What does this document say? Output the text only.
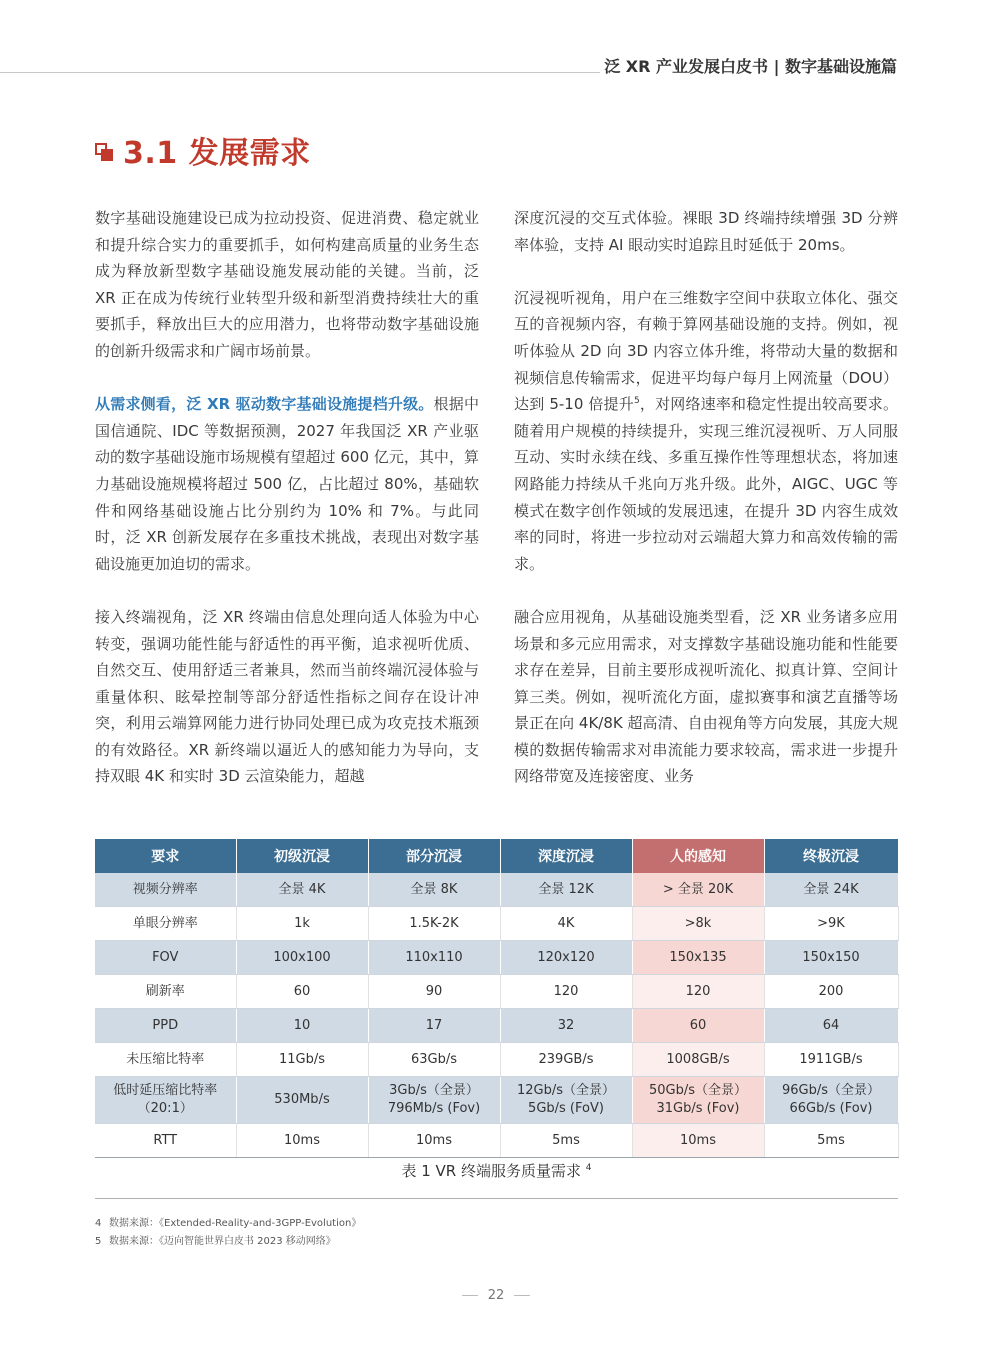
泛 XR 产业发展白皮书 | 数字基础设施篇
3.1 发展需求

数字基础设施建设已成为拉动投资、促进消费、稳定就业和提升综合实力的重要抓手，如何构建高质量的业务生态成为释放新型数字基础设施发展动能的关键。当前，泛 XR 正在成为传统行业转型升级和新型消费持续壮大的重要抓手，释放出巨大的应用潜力，也将带动数字基础设施的创新升级需求和广阔市场前景。

从需求侧看，泛 XR 驱动数字基础设施提档升级。根据中国信通院、IDC 等数据预测，2027 年我国泛 XR 产业驱动的数字基础设施市场规模有望超过 600 亿元，其中，算力基础设施规模将超过 500 亿，占比超过 80%，基础软件和网络基础设施占比分别约为 10% 和 7%。与此同时，泛 XR 创新发展存在多重技术挑战，表现出对数字基础设施更加迫切的需求。

接入终端视角，泛 XR 终端由信息处理向适人体验为中心转变，强调功能性能与舒适性的再平衡，追求视听优质、自然交互、使用舒适三者兼具，然而当前终端沉浸体验与重量体积、眩晕控制等部分舒适性指标之间存在设计冲突，利用云端算网能力进行协同处理已成为攻克技术瓶颈的有效路径。XR 新终端以逼近人的感知能力为导向，支持双眼 4K 和实时 3D 云渲染能力，超越

深度沉浸的交互式体验。裸眼 3D 终端持续增强 3D 分辨率体验，支持 AI 眼动实时追踪且时延低于 20ms。

沉浸视听视角，用户在三维数字空间中获取立体化、强交互的音视频内容，有赖于算网基础设施的支持。例如，视听体验从 2D 向 3D 内容立体升维，将带动大量的数据和视频信息传输需求，促进平均每户每月上网流量（DOU）达到 5-10 倍提升$^5$，对网络速率和稳定性提出较高要求。随着用户规模的持续提升，实现三维沉浸视听、万人同服互动、实时永续在线、多重互操作性等理想状态，将加速网路能力持续从千兆向万兆升级。此外，AIGC、UGC 等模式在数字创作领域的发展迅速，在提升 3D 内容生成效率的同时，将进一步拉动对云端超大算力和高效传输的需求。

融合应用视角，从基础设施类型看，泛 XR 业务诸多应用场景和多元应用需求，对支撑数字基础设施功能和性能要求存在差异，目前主要形成视听流化、拟真计算、空间计算三类。例如，视听流化方面，虚拟赛事和演艺直播等场景正在向 4K/8K 超高清、自由视角等方向发展，其庞大规模的数据传输需求对串流能力要求较高，需求进一步提升网络带宽及连接密度、业务

要求	初级沉浸	部分沉浸	深度沉浸	人的感知	终极沉浸
视频分辨率	全景 4K	全景 8K	全景 12K	> 全景 20K	全景 24K
单眼分辨率	1k	1.5K-2K	4K	>8k	>9K
FOV	100x100	110x110	120x120	150x135	150x150
刷新率	60	90	120	120	200
PPD	10	17	32	60	64
未压缩比特率	11Gb/s	63Gb/s	239GB/s	1008GB/s	1911GB/s
低时延压缩比特率 （20:1）	530Mb/s	3Gb/s（全景） 796Mb/s (Fov)	12Gb/s（全景） 5Gb/s (FoV)	50Gb/s（全景） 31Gb/s (Fov)	96Gb/s（全景） 66Gb/s (Fov)
RTT	10ms	10ms	5ms	10ms	5ms
表 1 VR 终端服务质量需求 $^4$
4 数据来源：《Extended-Reality-and-3GPP-Evolution》
5 数据来源：《迈向智能世界白皮书 2023 移动网络》
22
